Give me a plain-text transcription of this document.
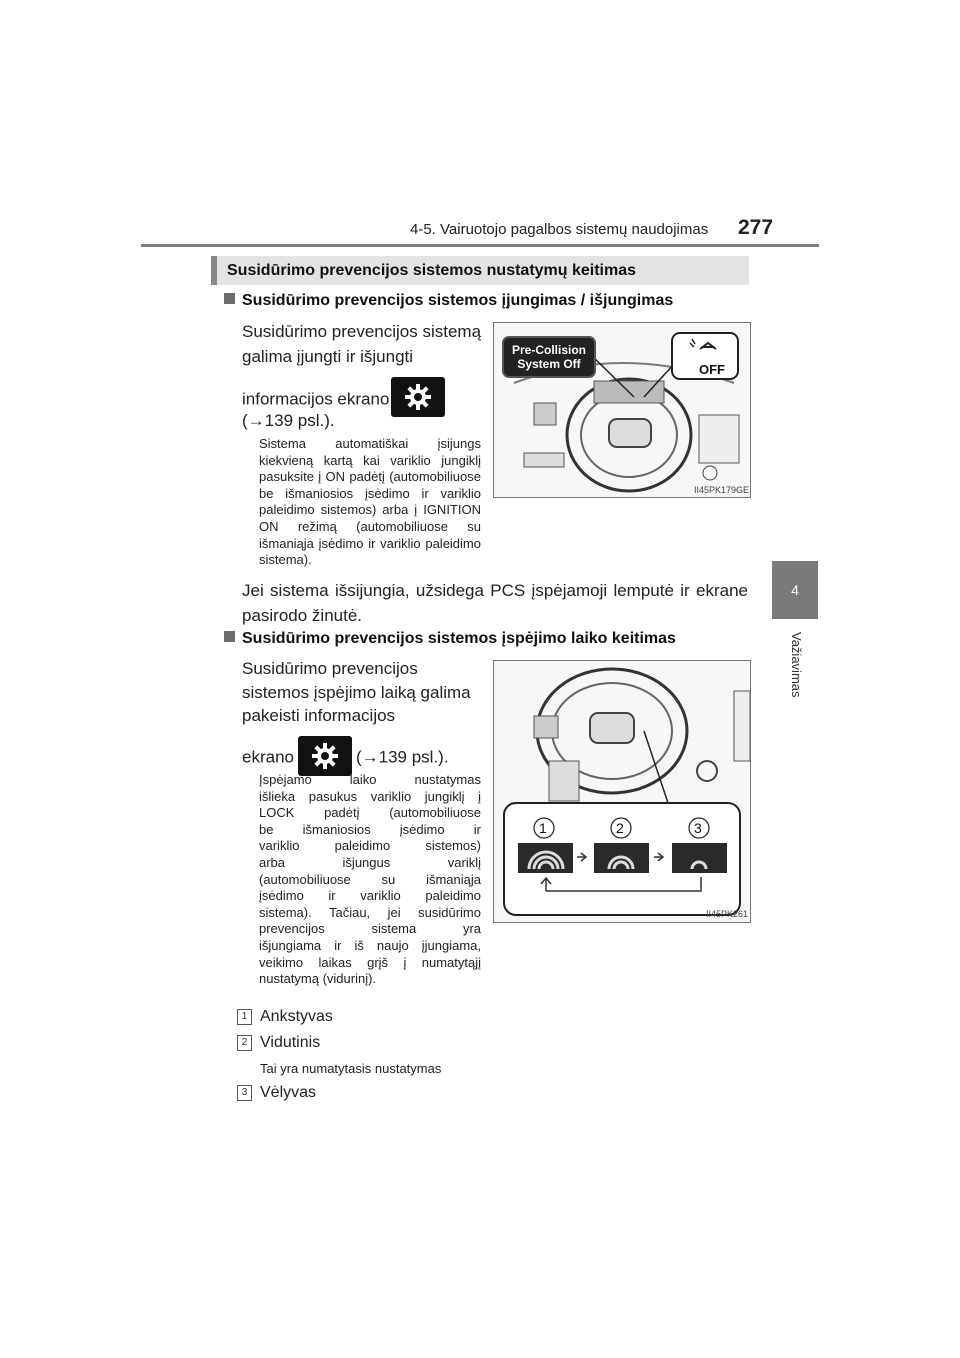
4-5. Vairuotojo pagalbos sistemų naudojimas 277
4
Važiavimas
Susidūrimo prevencijos sistemos nustatymų keitimas
Susidūrimo prevencijos sistemos įjungimas / išjungimas
Susidūrimo prevencijos sistemą
galima įjungti ir išjungti
informacijos ekrano
(→139 psl.).
Sistema automatiškai įsijungs
kiekvieną kartą kai variklio jungiklį
pasuksite į ON padėtį (automobiliuose
be išmaniosios įsėdimo ir variklio
paleidimo sistemos) arba į IGNITION
ON režimą (automobiliuose su
išmaniąja įsėdimo ir variklio paleidimo
sistema).
Pre-Collision
System Off	OFF
II45PK179GE
Jei sistema išsijungia, užsidega PCS įspėjamoji lemputė ir ekrane
pasirodo žinutė.
Susidūrimo prevencijos sistemos įspėjimo laiko keitimas
Susidūrimo prevencijos
sistemos įspėjimo laiką galima
pakeisti informacijos
ekrano	(→139 psl.).
Įspėjamo laiko nustatymas
išlieka pasukus variklio jungiklį į
LOCK padėtį (automobiliuose
be išmaniosios įsėdimo ir
variklio paleidimo sistemos)
arba išjungus variklį
(automobiliuose su išmaniąja
įsėdimo ir variklio paleidimo
sistema). Tačiau, jei susidūrimo
prevencijos sistema yra
išjungiama ir iš naujo įjungiama,
veikimo laikas grįš į numatytąjį
nustatymą (vidurinį).
1	2	3
II45PK261
1 Ankstyvas
2 Vidutinis
Tai yra numatytasis nustatymas
3 Vėlyvas
